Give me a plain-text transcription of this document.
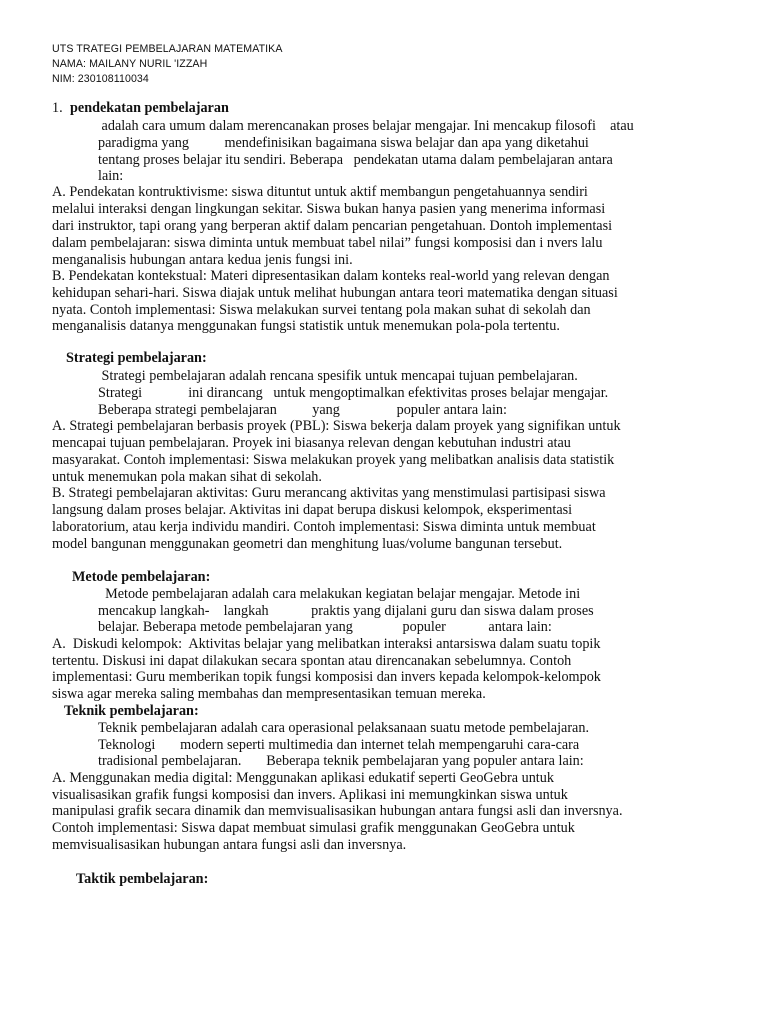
UTS TRATEGI PEMBELAJARAN MATEMATIKA
NAMA: MAILANY NURIL 'IZZAH
NIM: 230108110034
1. pendekatan pembelajaran
adalah cara umum dalam merencanakan proses belajar mengajar. Ini mencakup filosofi    atau
paradigma yang          mendefinisikan bagaimana siswa belajar dan apa yang diketahui
tentang proses belajar itu sendiri. Beberapa   pendekatan utama dalam pembelajaran antara
lain:
A. Pendekatan kontruktivisme: siswa dituntut untuk aktif membangun pengetahuannya sendiri
melalui interaksi dengan lingkungan sekitar. Siswa bukan hanya pasien yang menerima informasi
dari instruktor, tapi orang yang berperan aktif dalam pencarian pengetahuan. Dontoh implementasi
dalam pembelajaran: siswa diminta untuk membuat tabel nilai” fungsi komposisi dan i nvers lalu
menganalisis hubungan antara kedua jenis fungsi ini.
B. Pendekatan kontekstual: Materi dipresentasikan dalam konteks real-world yang relevan dengan
kehidupan sehari-hari. Siswa diajak untuk melihat hubungan antara teori matematika dengan situasi
nyata. Contoh implementasi: Siswa melakukan survei tentang pola makan suhat di sekolah dan
menganalisis datanya menggunakan fungsi statistik untuk menemukan pola-pola tertentu.
Strategi pembelajaran:
Strategi pembelajaran adalah rencana spesifik untuk mencapai tujuan pembelajaran.
Strategi             ini dirancang   untuk mengoptimalkan efektivitas proses belajar mengajar.
Beberapa strategi pembelajaran          yang                populer antara lain:
A. Strategi pembelajaran berbasis proyek (PBL): Siswa bekerja dalam proyek yang signifikan untuk
mencapai tujuan pembelajaran. Proyek ini biasanya relevan dengan kebutuhan industri atau
masyarakat. Contoh implementasi: Siswa melakukan proyek yang melibatkan analisis data statistik
untuk menemukan pola makan sihat di sekolah.
B. Strategi pembelajaran aktivitas: Guru merancang aktivitas yang menstimulasi partisipasi siswa
langsung dalam proses belajar. Aktivitas ini dapat berupa diskusi kelompok, eksperimentasi
laboratorium, atau kerja individu mandiri. Contoh implementasi: Siswa diminta untuk membuat
model bangunan menggunakan geometri dan menghitung luas/volume bangunan tersebut.
Metode pembelajaran:
Metode pembelajaran adalah cara melakukan kegiatan belajar mengajar. Metode ini
mencakup langkah-    langkah            praktis yang dijalani guru dan siswa dalam proses
belajar. Beberapa metode pembelajaran yang              populer            antara lain:
A.  Diskudi kelompok:  Aktivitas belajar yang melibatkan interaksi antarsiswa dalam suatu topik
tertentu. Diskusi ini dapat dilakukan secara spontan atau direncanakan sebelumnya. Contoh
implementasi: Guru memberikan topik fungsi komposisi dan invers kepada kelompok-kelompok
siswa agar mereka saling membahas dan mempresentasikan temuan mereka.
Teknik pembelajaran:
Teknik pembelajaran adalah cara operasional pelaksanaan suatu metode pembelajaran.
Teknologi       modern seperti multimedia dan internet telah mempengaruhi cara-cara
tradisional pembelajaran.       Beberapa teknik pembelajaran yang populer antara lain:
A. Menggunakan media digital: Menggunakan aplikasi edukatif seperti GeoGebra untuk
visualisasikan grafik fungsi komposisi dan invers. Aplikasi ini memungkinkan siswa untuk
manipulasi grafik secara dinamik dan memvisualisasikan hubungan antara fungsi asli dan inversnya.
Contoh implementasi: Siswa dapat membuat simulasi grafik menggunakan GeoGebra untuk
memvisualisasikan hubungan antara fungsi asli dan inversnya.
Taktik pembelajaran:
